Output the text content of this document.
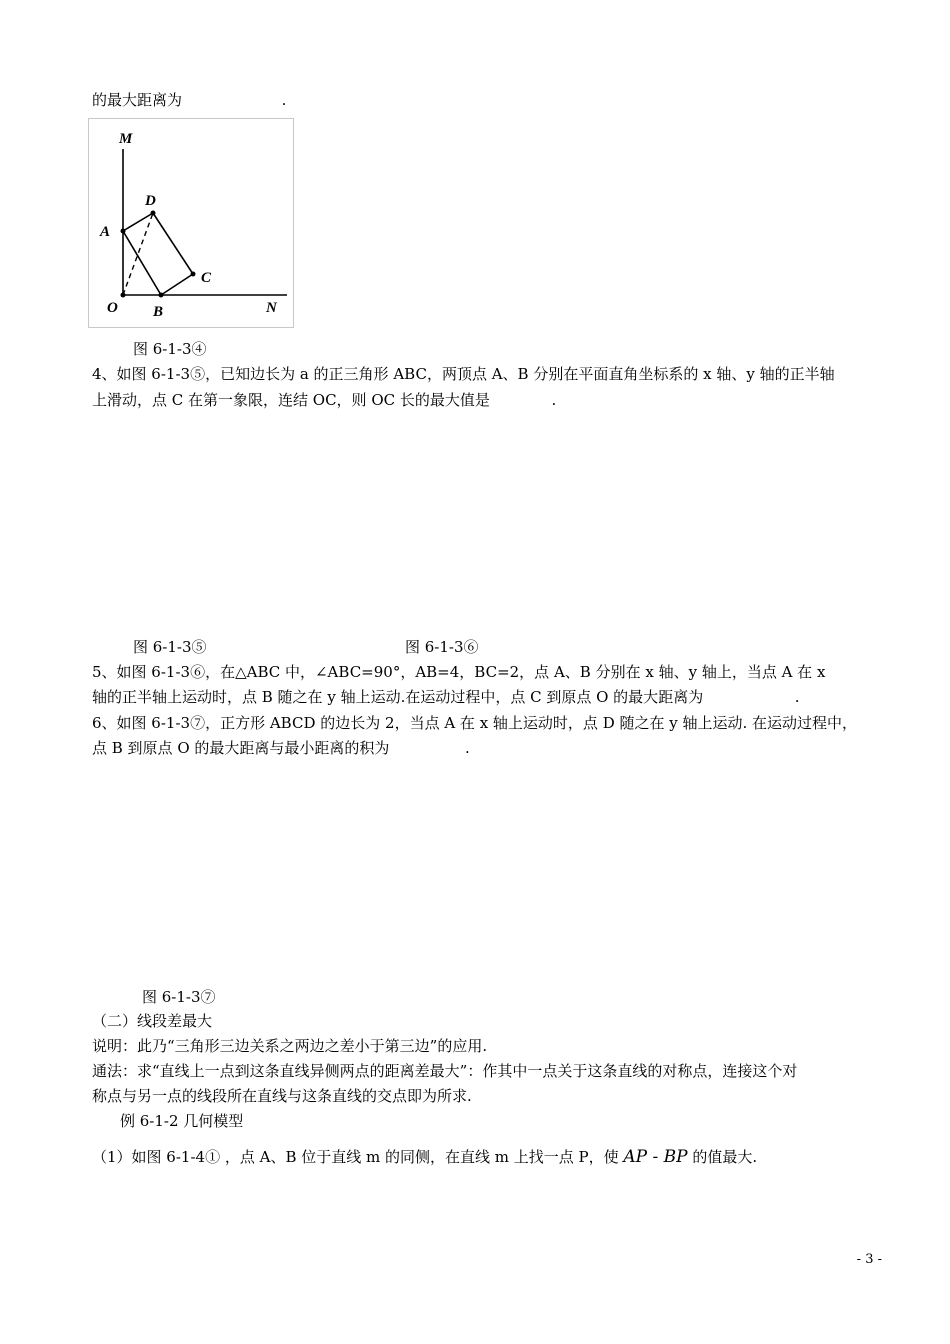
的最大距离为	.
M
N
O
A
B
C
D
图 6-1-3④
4、如图 6-1-3⑤，已知边长为 a 的正三角形 ABC，两顶点 A、B 分别在平面直角坐标系的 x 轴、y 轴的正半轴
上滑动，点 C 在第一象限，连结 OC，则 OC 长的最大值是	.
图 6-1-3⑤	图 6-1-3⑥
5、如图 6-1-3⑥，在△ABC 中，∠ABC=90°，AB=4，BC=2，点 A、B 分别在 x 轴、y 轴上，当点 A 在 x
轴的正半轴上运动时，点 B 随之在 y 轴上运动.在运动过程中，点 C 到原点 O 的最大距离为	.
6、如图 6-1-3⑦，正方形 ABCD 的边长为 2，当点 A 在 x 轴上运动时，点 D 随之在 y 轴上运动. 在运动过程中，
点 B 到原点 O 的最大距离与最小距离的积为	.
图 6-1-3⑦
（二）线段差最大
说明：此乃“三角形三边关系之两边之差小于第三边”的应用.
通法：求“直线上一点到这条直线异侧两点的距离差最大”：作其中一点关于这条直线的对称点，连接这个对
称点与另一点的线段所在直线与这条直线的交点即为所求.
例 6-1-2 几何模型
（1）如图 6-1-4① ，点 A、B 位于直线 m 的同侧，在直线 m 上找一点 P，使 AP - BP 的值最大.
- 3 -
